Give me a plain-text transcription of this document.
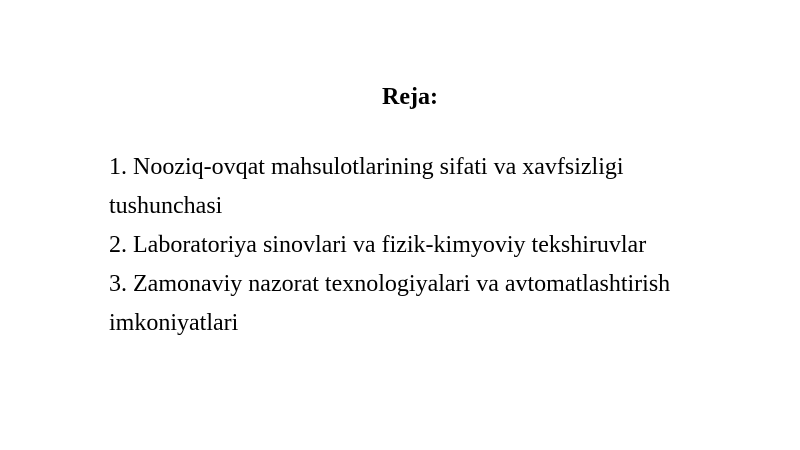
Reja:
1. Nooziq-ovqat mahsulotlarining sifati va xavfsizligi tushunchasi
2. Laboratoriya sinovlari va fizik-kimyoviy tekshiruvlar
3. Zamonaviy nazorat texnologiyalari va avtomatlashtirish imkoniyatlari
